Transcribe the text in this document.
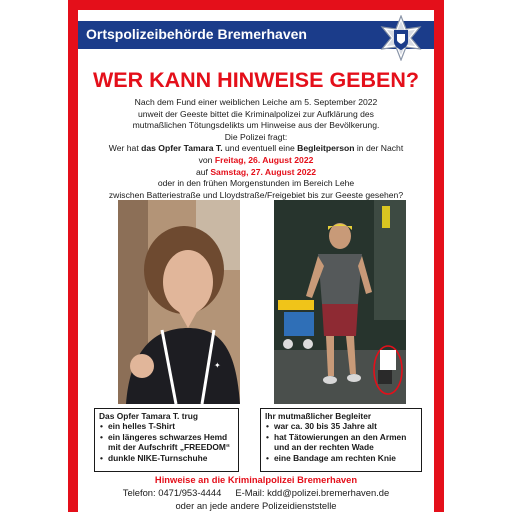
Ortspolizeibehörde Bremerhaven
WER KANN HINWEISE GEBEN?
Nach dem Fund einer weiblichen Leiche am 5. September 2022
unweit der Geeste bittet die Kriminalpolizei zur Aufklärung des
mutmaßlichen Tötungsdelikts um Hinweise aus der Bevölkerung.
Die Polizei fragt:
Wer hat das Opfer Tamara T. und eventuell eine Begleitperson in der Nacht
von Freitag, 26. August 2022
auf Samstag, 27. August 2022
oder in den frühen Morgenstunden im Bereich Lehe
zwischen Batteriestraße und Lloydstraße/Freigebiet bis zur Geeste gesehen?
✦
Das Opfer Tamara T. trug
• ein helles T-Shirt
• ein längeres schwarzes Hemd
mit der Aufschrift „FREEDOM“
• dunkle NIKE-Turnschuhe
Ihr mutmaßlicher Begleiter
• war ca. 30 bis 35 Jahre alt
• hat Tätowierungen an den Armen
und an der rechten Wade
• eine Bandage am rechten Knie
Hinweise an die Kriminalpolizei Bremerhaven
Telefon: 0471/953-4444 E-Mail: kdd@polizei.bremerhaven.de
oder an jede andere Polizeidienststelle
